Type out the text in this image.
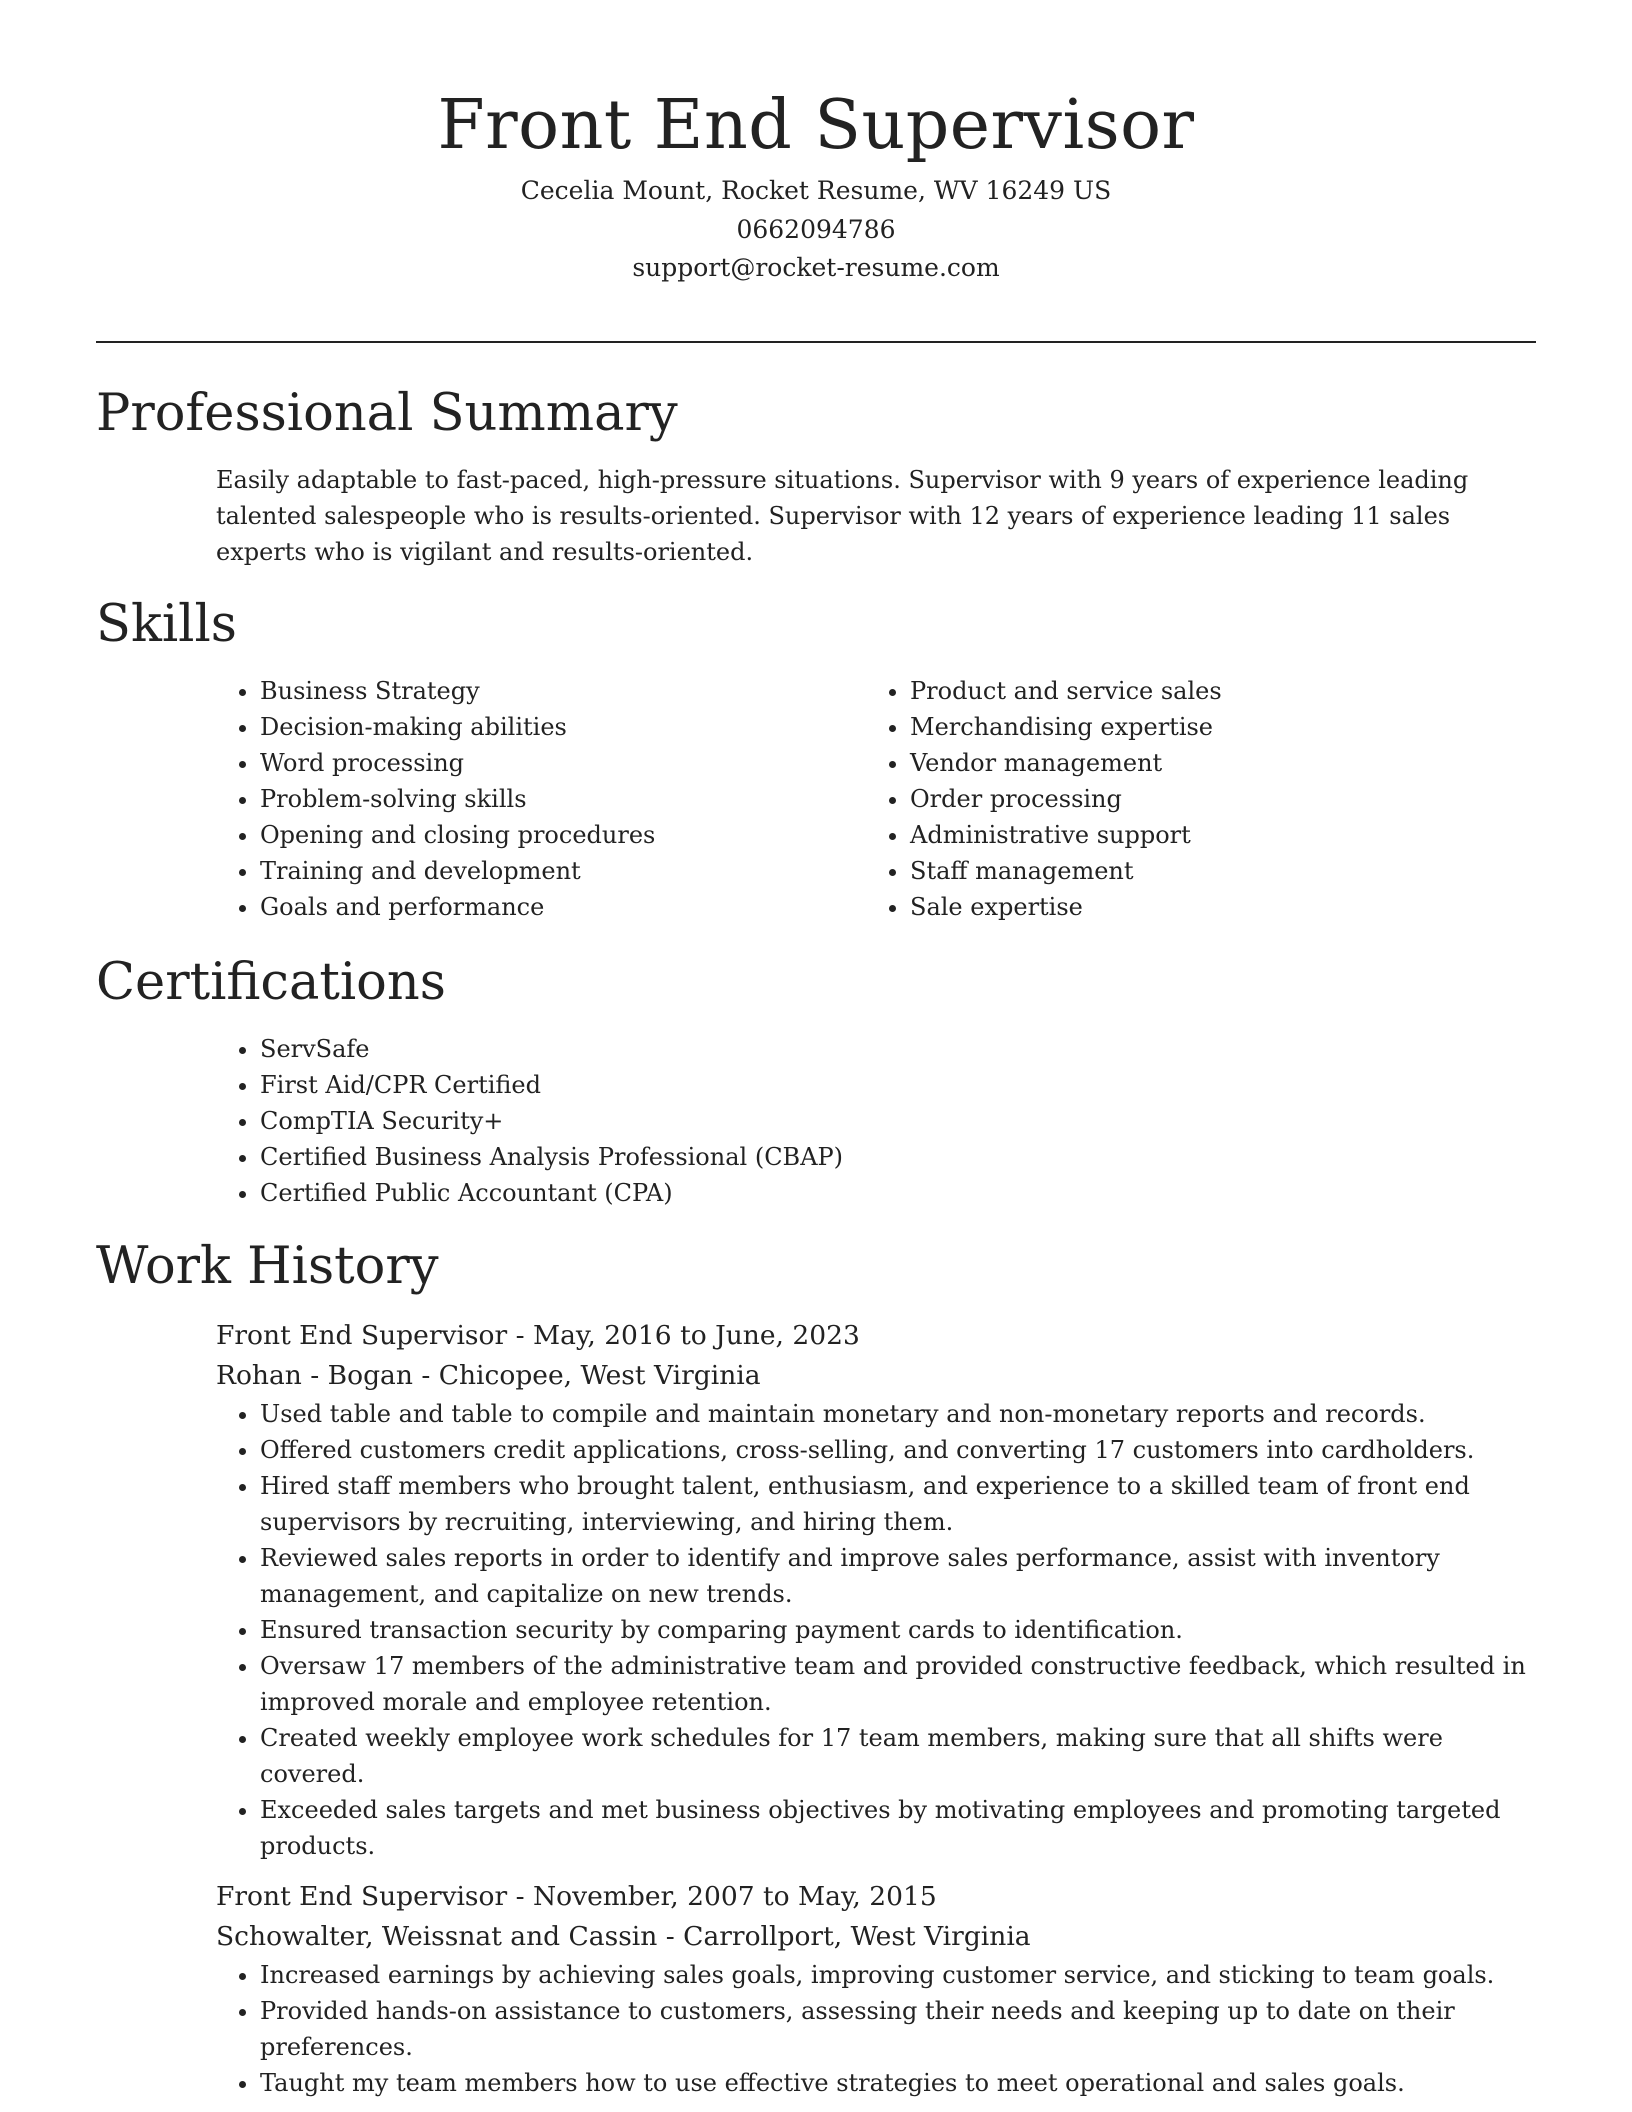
Front End Supervisor

Cecelia Mount, Rocket Resume, WV 16249 US

0662094786

support@rocket-resume.com

Professional Summary

Easily adaptable to fast-paced, high-pressure situations. Supervisor with 9 years of experience leading talented salespeople who is results-oriented. Supervisor with 12 years of experience leading 11 sales experts who is vigilant and results-oriented.

Skills
• Business Strategy
• Decision-making abilities
• Word processing
• Problem-solving skills
• Opening and closing procedures
• Training and development
• Goals and performance
• Product and service sales
• Merchandising expertise
• Vendor management
• Order processing
• Administrative support
• Staff management
• Sale expertise
Certifications
• ServSafe
• First Aid/CPR Certified
• CompTIA Security+
• Certified Business Analysis Professional (CBAP)
• Certified Public Accountant (CPA)
Work History

Front End Supervisor - May, 2016 to June, 2023

Rohan - Bogan - Chicopee, West Virginia

• Used table and table to compile and maintain monetary and non-monetary reports and records.
• Offered customers credit applications, cross-selling, and converting 17 customers into cardholders.
• Hired staff members who brought talent, enthusiasm, and experience to a skilled team of front end supervisors by recruiting, interviewing, and hiring them.
• Reviewed sales reports in order to identify and improve sales performance, assist with inventory management, and capitalize on new trends.
• Ensured transaction security by comparing payment cards to identification.
• Oversaw 17 members of the administrative team and provided constructive feedback, which resulted in improved morale and employee retention.
• Created weekly employee work schedules for 17 team members, making sure that all shifts were covered.
• Exceeded sales targets and met business objectives by motivating employees and promoting targeted products.

Front End Supervisor - November, 2007 to May, 2015

Schowalter, Weissnat and Cassin - Carrollport, West Virginia

• Increased earnings by achieving sales goals, improving customer service, and sticking to team goals.
• Provided hands-on assistance to customers, assessing their needs and keeping up to date on their preferences.
• Taught my team members how to use effective strategies to meet operational and sales goals.
